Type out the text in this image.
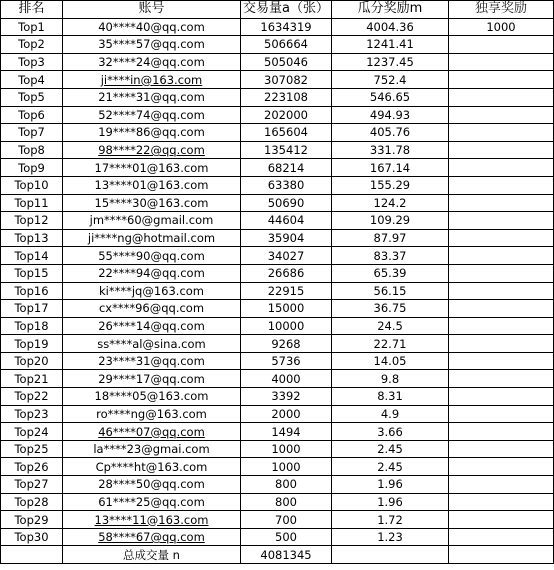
排名	账号	交易量a（张）	瓜分奖励m	独享奖励
Top1	40****40@qq.com	1634319	4004.36	1000
Top2	35****57@qq.com	506664	1241.41	
Top3	32****24@qq.com	505046	1237.45	
Top4	ji****in@163.com	307082	752.4	
Top5	21****31@qq.com	223108	546.65	
Top6	52****74@qq.com	202000	494.93	
Top7	19****86@qq.com	165604	405.76	
Top8	98****22@qq.com	135412	331.78	
Top9	17****01@163.com	68214	167.14	
Top10	13****01@163.com	63380	155.29	
Top11	15****30@163.com	50690	124.2	
Top12	jm****60@gmail.com	44604	109.29	
Top13	ji****ng@hotmail.com	35904	87.97	
Top14	55****90@qq.com	34027	83.37	
Top15	22****94@qq.com	26686	65.39	
Top16	ki****jq@163.com	22915	56.15	
Top17	cx****96@qq.com	15000	36.75	
Top18	26****14@qq.com	10000	24.5	
Top19	ss****al@sina.com	9268	22.71	
Top20	23****31@qq.com	5736	14.05	
Top21	29****17@qq.com	4000	9.8	
Top22	18****05@163.com	3392	8.31	
Top23	ro****ng@163.com	2000	4.9	
Top24	46****07@qq.com	1494	3.66	
Top25	la****23@gmai.com	1000	2.45	
Top26	Cp****ht@163.com	1000	2.45	
Top27	28****50@qq.com	800	1.96	
Top28	61****25@qq.com	800	1.96	
Top29	13****11@163.com	700	1.72	
Top30	58****67@qq.com	500	1.23	
	总成交量 n	4081345		
